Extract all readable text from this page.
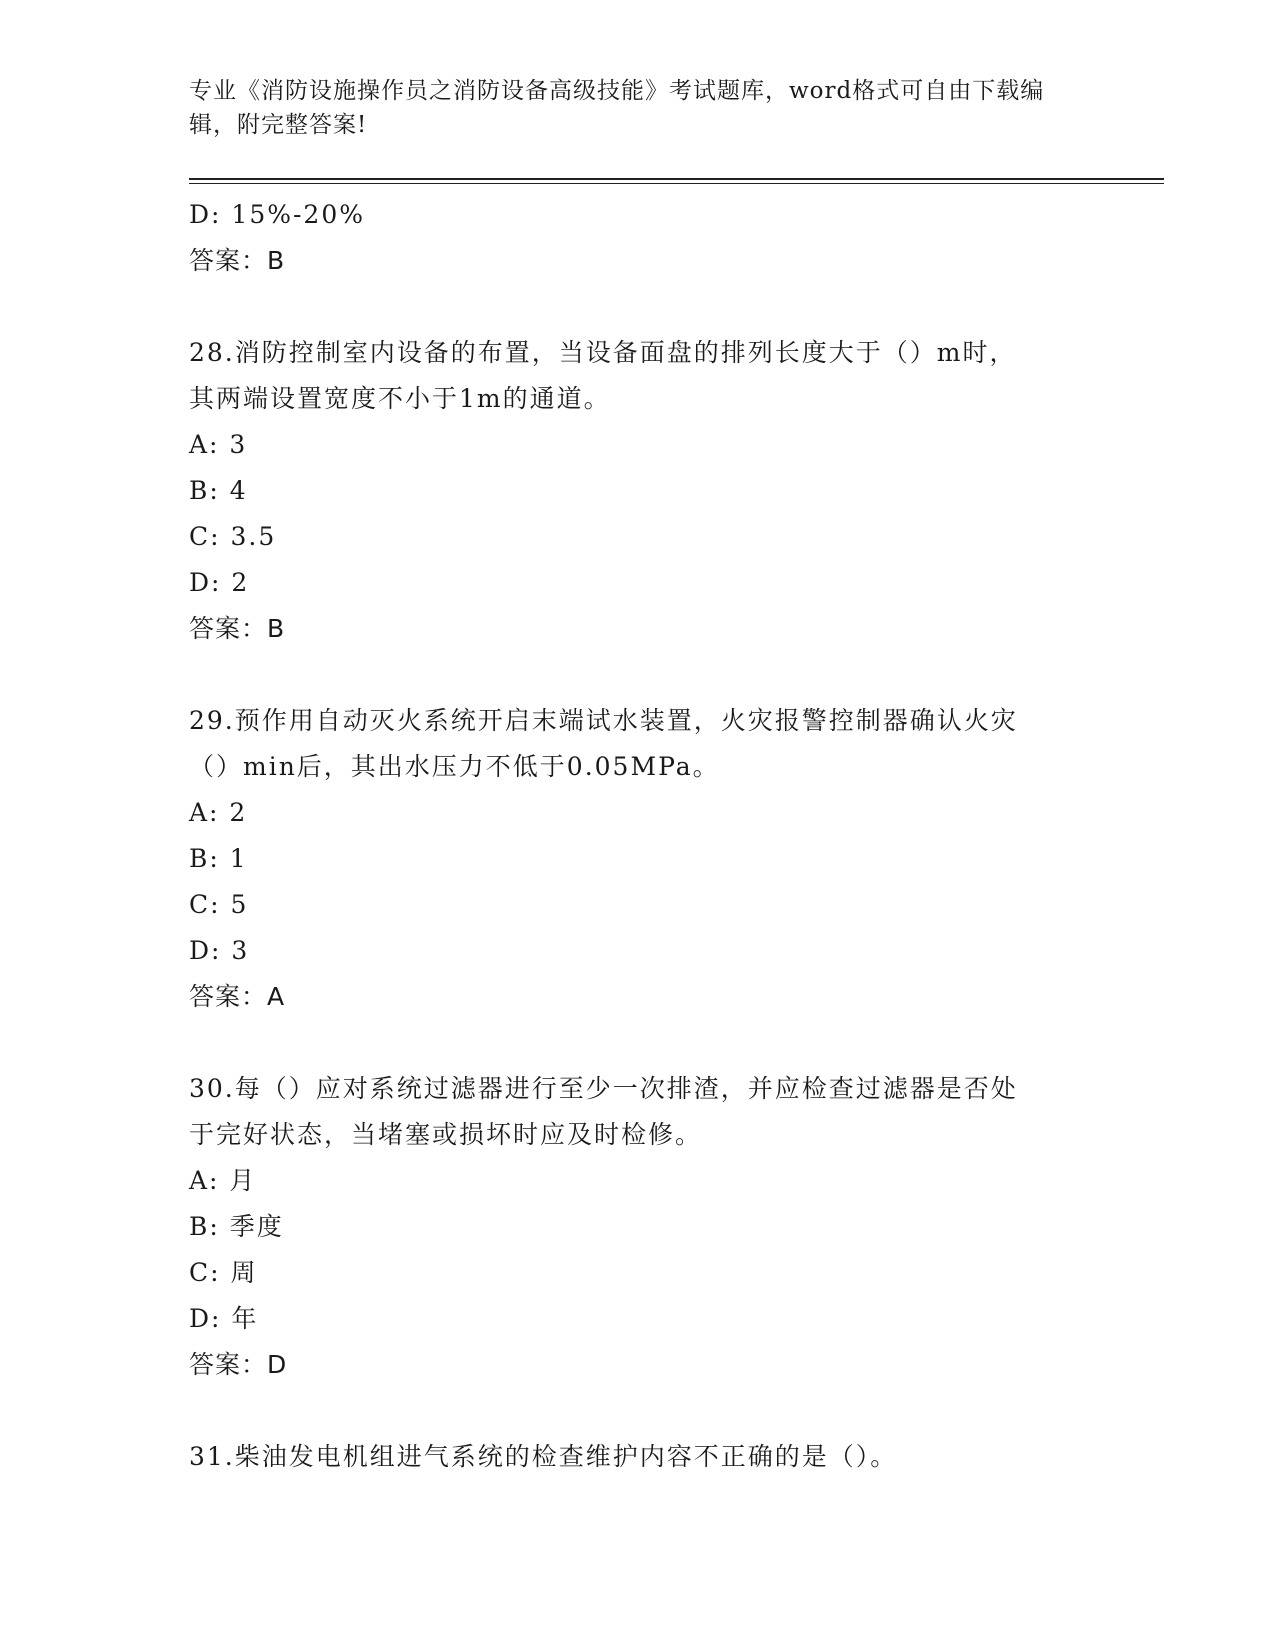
专业《消防设施操作员之消防设备高级技能》考试题库，word格式可自由下载编
辑，附完整答案!
D: 15%-20%
答案：B
28.消防控制室内设备的布置，当设备面盘的排列长度大于（）m时，
其两端设置宽度不小于1m的通道。
A: 3
B: 4
C: 3.5
D: 2
答案：B
29.预作用自动灭火系统开启末端试水装置，火灾报警控制器确认火灾
（）min后，其出水压力不低于0.05MPa。
A: 2
B: 1
C: 5
D: 3
答案：A
30.每（）应对系统过滤器进行至少一次排渣，并应检查过滤器是否处
于完好状态，当堵塞或损坏时应及时检修。
A: 月
B: 季度
C: 周
D: 年
答案：D
31.柴油发电机组进气系统的检查维护内容不正确的是（）。
